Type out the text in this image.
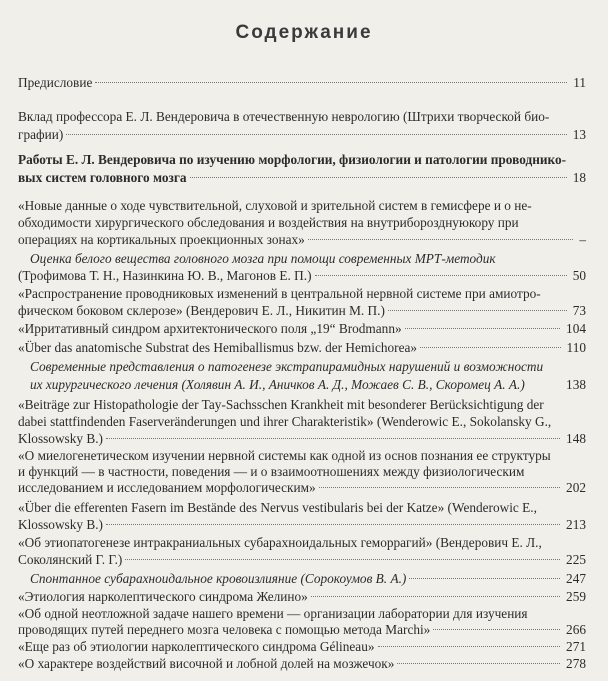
Содержание
Предисловие	11
Вклад профессора Е. Л. Вендеровича в отечественную неврологию (Штрихи творческой био-
графии)	13
Работы Е. Л. Вендеровича по изучению морфологии, физиологии и патологии проводнико-
вых систем головного мозга	18
«Новые данные о ходе чувствительной, слуховой и зрительной систем в гемисфере и о не-
обходимости хирургического обследования и воздействия на внутриборозднуюкору при
операциях на кортикальных проекционных зонах»	–
Оценка белого вещества головного мозга при помощи современных МРТ-методик
(Трофимова Т. Н., Назинкина Ю. В., Магонов Е. П.)	50
«Распространение проводниковых изменений в центральной нервной системе при амиотро-
фическом боковом склерозе» (Вендерович Е. Л., Никитин М. П.)	73
«Ирритативный синдром архитектонического поля „19“ Brodmann»	104
«Über das anatomische Substrat des Hemiballismus bzw. der Hemichorea»	110
Современные представления о патогенезе экстрапирамидных нарушений и возможности
их хирургического лечения (Холявин А. И., Аничков А. Д., Можаев С. В., Скоромец А. А.)	138
«Beiträge zur Histopathologie der Tay-Sachsschen Krankheit mit besonderer Berücksichtigung der
dabei stattfindenden Faserveränderungen und ihrer Charakteristik» (Wenderowic E., Sokolansky G.,
Klossowsky B.)	148
«О миелогенетическом изучении нервной системы как одной из основ познания ее структуры
и функций — в частности, поведения — и о взаимоотношениях между физиологическим
исследованием и исследованием морфологическим»	202
«Über die efferenten Fasern im Bestände des Nervus vestibularis bei der Katze» (Wenderowic E.,
Klossowsky B.)	213
«Об этиопатогенезе интракраниальных субарахноидальных геморрагий» (Вендерович Е. Л.,
Соколянский Г. Г.)	225
Спонтанное субарахноидальное кровоизлияние (Сорокоумов В. А.)	247
«Этиология нарколептического синдрома Желино»	259
«Об одной неотложной задаче нашего времени — организации лаборатории для изучения
проводящих путей переднего мозга человека с помощью метода Marchi»	266
«Еще раз об этиологии нарколептического синдрома Gélineau»	271
«О характере воздействий височной и лобной долей на мозжечок»	278
